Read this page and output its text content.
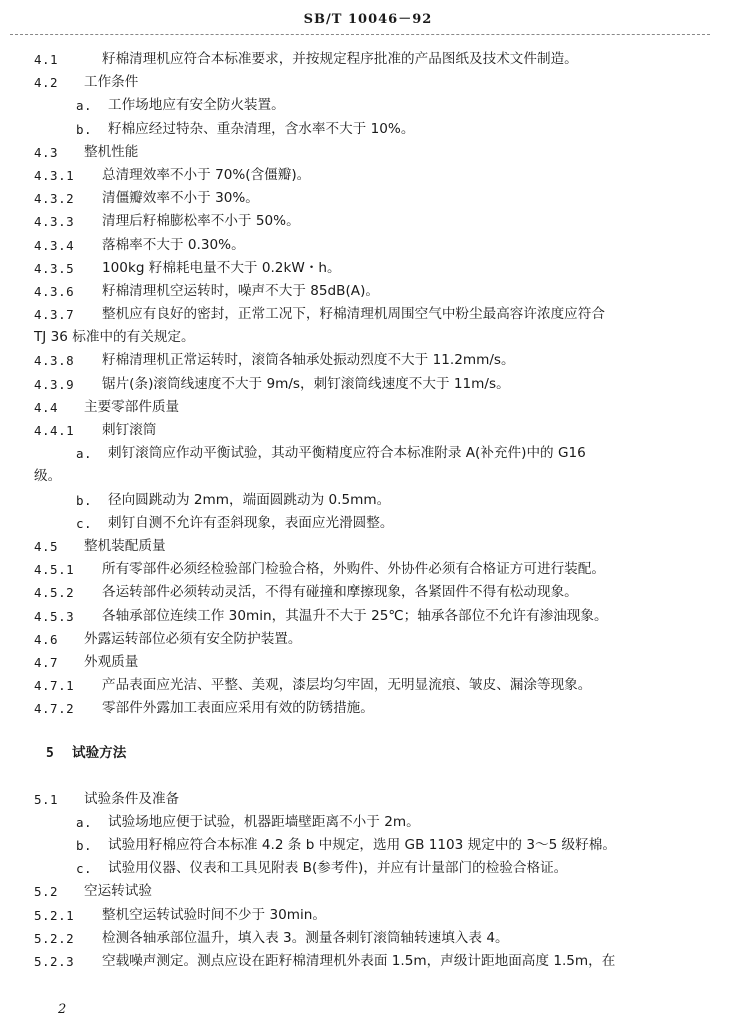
SB/T 10046－92
4.1	籽棉清理机应符合本标准要求，并按规定程序批准的产品图纸及技术文件制造。
4.2 工作条件
a. 工作场地应有安全防火装置。
b. 籽棉应经过特杂、重杂清理，含水率不大于 10%。
4.3 整机性能
4.3.1 总清理效率不小于 70%(含僵瓣)。
4.3.2 清僵瓣效率不小于 30%。
4.3.3 清理后籽棉膨松率不小于 50%。
4.3.4 落棉率不大于 0.30%。
4.3.5 100kg 籽棉耗电量不大于 0.2kW・h。
4.3.6 籽棉清理机空运转时，噪声不大于 85dB(A)。
4.3.7 整机应有良好的密封，正常工况下，籽棉清理机周围空气中粉尘最高容许浓度应符合
TJ 36 标准中的有关规定。
4.3.8 籽棉清理机正常运转时，滚筒各轴承处振动烈度不大于 11.2mm/s。
4.3.9 锯片(条)滚筒线速度不大于 9m/s，刺钉滚筒线速度不大于 11m/s。
4.4 主要零部件质量
4.4.1 刺钉滚筒
a. 刺钉滚筒应作动平衡试验，其动平衡精度应符合本标准附录 A(补充件)中的 G16
级。
b. 径向圆跳动为 2mm，端面圆跳动为 0.5mm。
c. 刺钉自测不允许有歪斜现象，表面应光滑圆整。
4.5 整机装配质量
4.5.1 所有零部件必须经检验部门检验合格，外购件、外协件必须有合格证方可进行装配。
4.5.2 各运转部件必须转动灵活，不得有碰撞和摩擦现象，各紧固件不得有松动现象。
4.5.3 各轴承部位连续工作 30min，其温升不大于 25℃；轴承各部位不允许有渗油现象。
4.6 外露运转部位必须有安全防护装置。
4.7 外观质量
4.7.1 产品表面应光洁、平整、美观，漆层均匀牢固，无明显流痕、皱皮、漏涂等现象。
4.7.2 零部件外露加工表面应采用有效的防锈措施。
5 试验方法
5.1 试验条件及准备
a. 试验场地应便于试验，机器距墙壁距离不小于 2m。
b. 试验用籽棉应符合本标准 4.2 条 b 中规定，选用 GB 1103 规定中的 3～5 级籽棉。
c. 试验用仪器、仪表和工具见附表 B(参考件)，并应有计量部门的检验合格证。
5.2 空运转试验
5.2.1 整机空运转试验时间不少于 30min。
5.2.2 检测各轴承部位温升，填入表 3。测量各刺钉滚筒轴转速填入表 4。
5.2.3 空载噪声测定。测点应设在距籽棉清理机外表面 1.5m，声级计距地面高度 1.5m，在
2
